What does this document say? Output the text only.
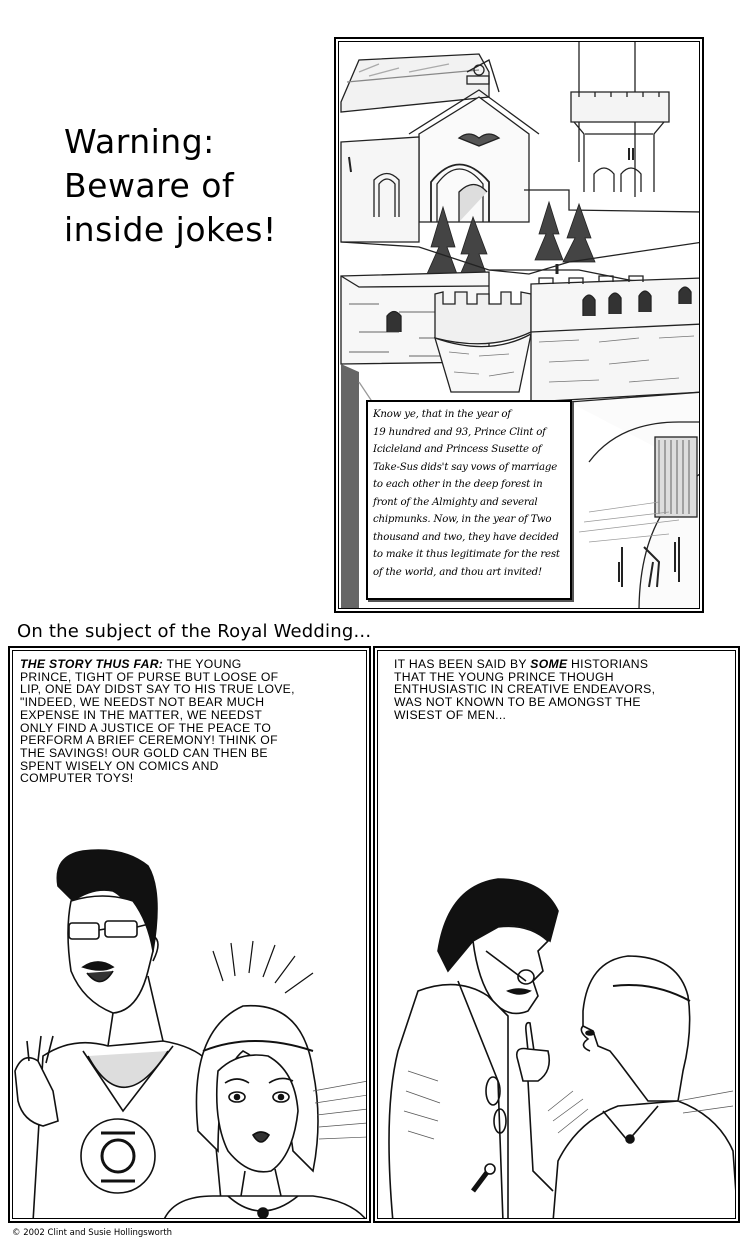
Warning:
Beware of
inside jokes!
Know ye, that in the year of
19 hundred and 93, Prince Clint of
Icicleland and Princess Susette of
Take-Sus dids't say vows of marriage
to each other in the deep forest in
front of the Almighty and several
chipmunks. Now, in the year of Two
thousand and two, they have decided
to make it thus legitimate for the rest
of the world, and thou art invited!
On the subject of the Royal Wedding...
THE STORY THUS FAR: THE YOUNG
PRINCE, TIGHT OF PURSE BUT LOOSE OF
LIP, ONE DAY DIDST SAY TO HIS TRUE LOVE,
"INDEED, WE NEEDST NOT BEAR MUCH
EXPENSE IN THE MATTER, WE NEEDST
ONLY FIND A JUSTICE OF THE PEACE TO
PERFORM A BRIEF CEREMONY! THINK OF
THE SAVINGS! OUR GOLD CAN THEN BE
SPENT WISELY ON COMICS AND
COMPUTER TOYS!
IT HAS BEEN SAID BY SOME HISTORIANS
THAT THE YOUNG PRINCE THOUGH
ENTHUSIASTIC IN CREATIVE ENDEAVORS,
WAS NOT KNOWN TO BE AMONGST THE
WISEST OF MEN...
© 2002 Clint and Susie Hollingsworth
